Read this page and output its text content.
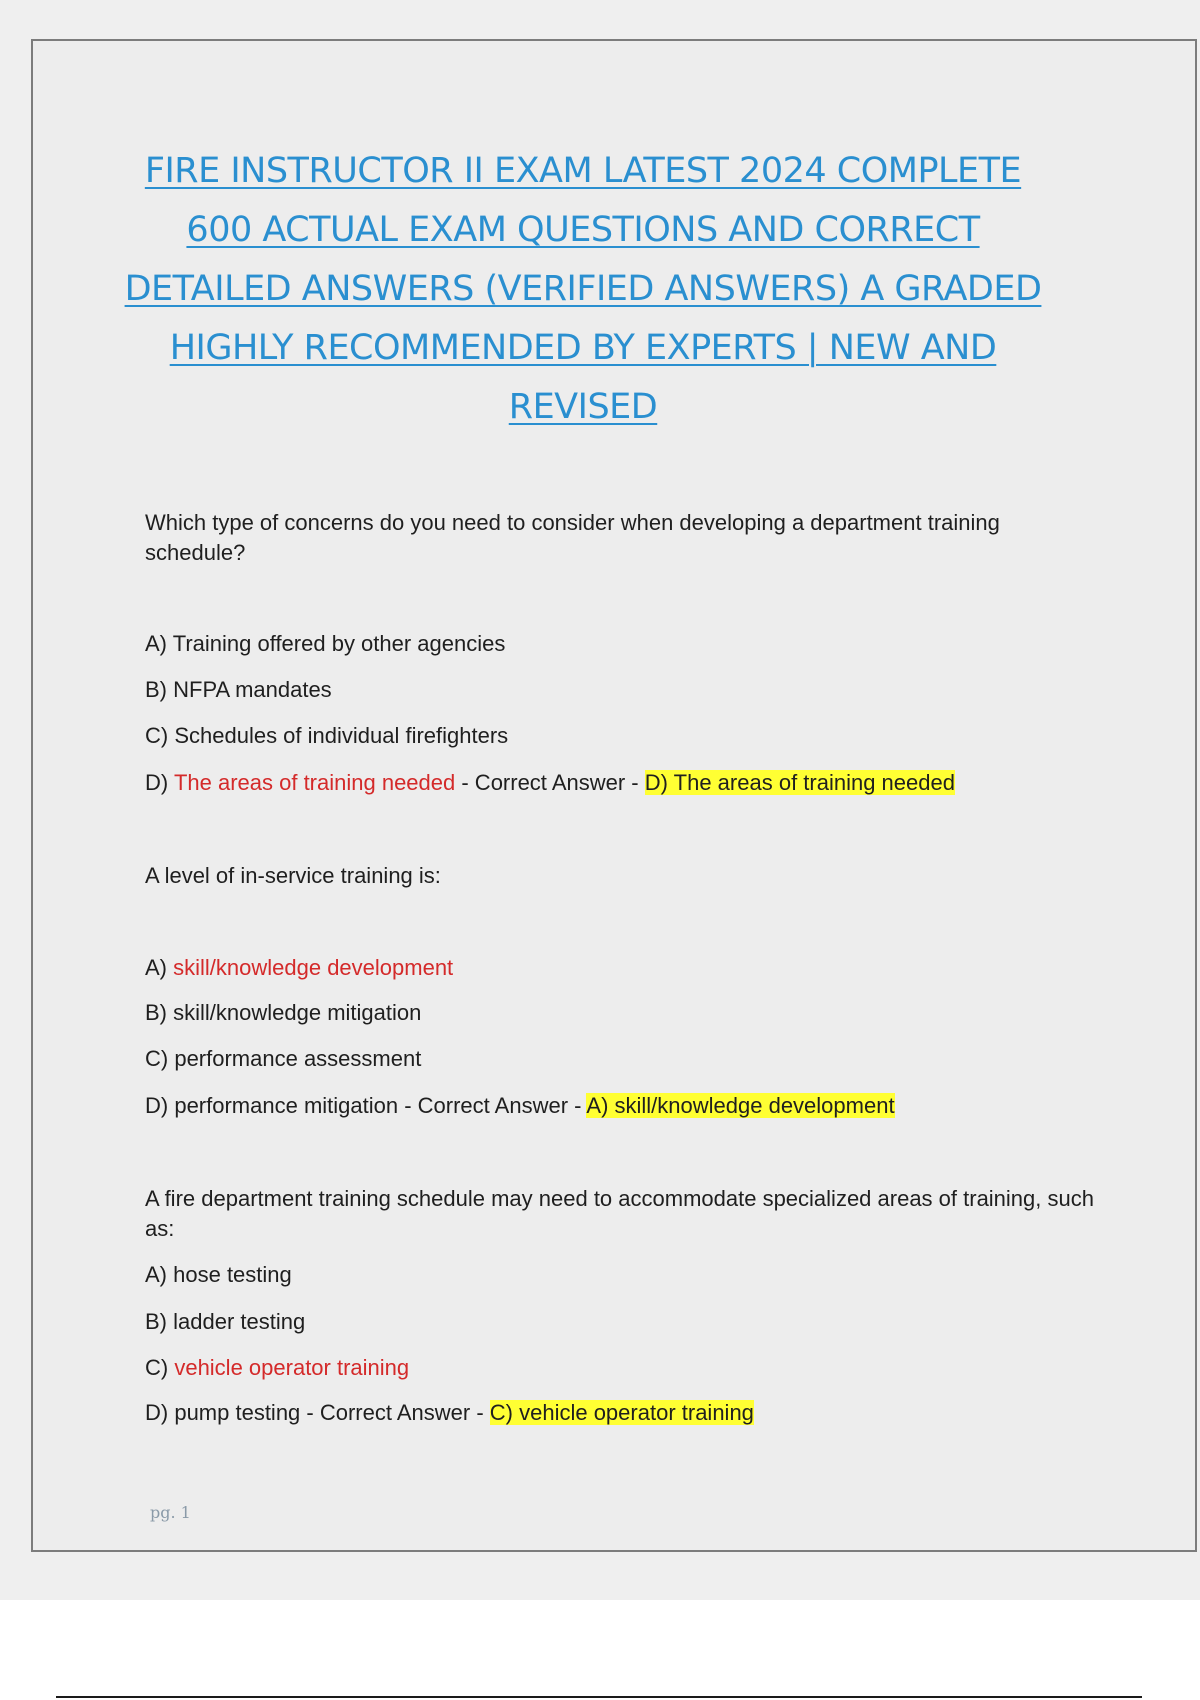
FIRE INSTRUCTOR II EXAM LATEST 2024 COMPLETE 600 ACTUAL EXAM QUESTIONS AND CORRECT DETAILED ANSWERS (VERIFIED ANSWERS) A GRADED HIGHLY RECOMMENDED BY EXPERTS | NEW AND REVISED

Which type of concerns do you need to consider when developing a department training schedule?

A) Training offered by other agencies
B) NFPA mandates
C) Schedules of individual firefighters
D) The areas of training needed - Correct Answer - D) The areas of training needed

A level of in-service training is:

A) skill/knowledge development
B) skill/knowledge mitigation
C) performance assessment
D) performance mitigation - Correct Answer - A) skill/knowledge development

A fire department training schedule may need to accommodate specialized areas of training, such as:

A) hose testing
B) ladder testing
C) vehicle operator training
D) pump testing - Correct Answer - C) vehicle operator training
pg. 1
